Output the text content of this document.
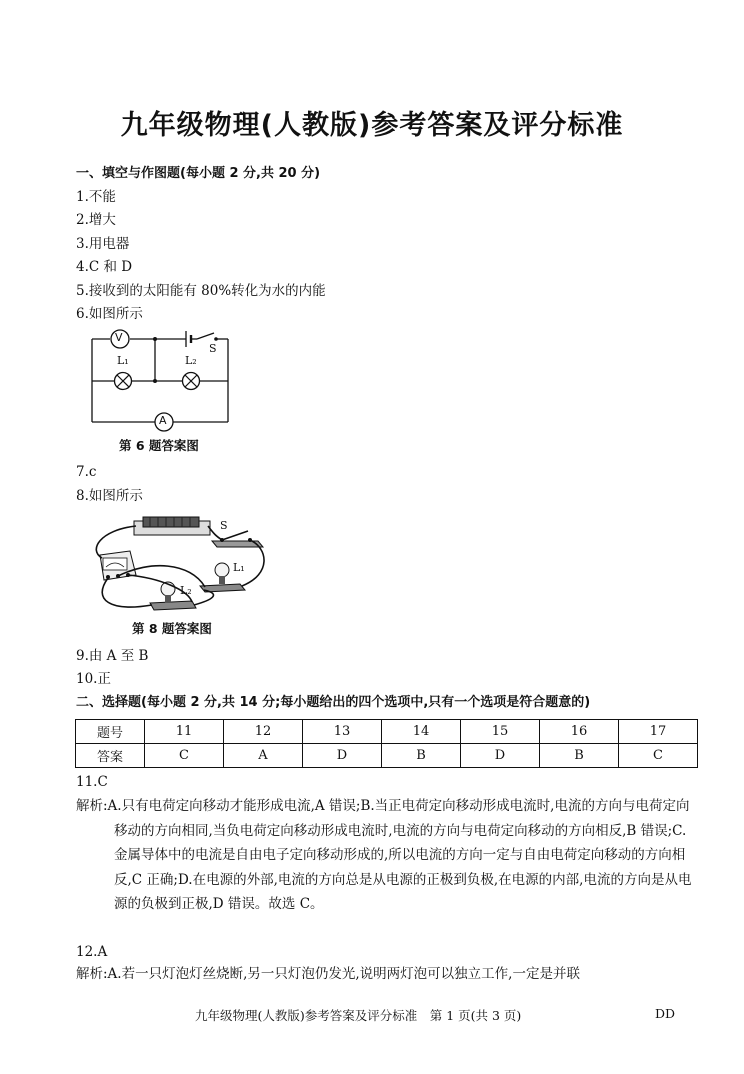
九年级物理(人教版)参考答案及评分标准
一、填空与作图题(每小题 2 分,共 20 分)
1.不能
2.增大
3.用电器
4.C 和 D
5.接收到的太阳能有 80%转化为水的内能
6.如图所示
V
A
L₁	L₂
S
第 6 题答案图
7.c
8.如图所示
S
L₁
L₂
第 8 题答案图
9.由 A 至 B
10.正
二、选择题(每小题 2 分,共 14 分;每小题给出的四个选项中,只有一个选项是符合题意的)
题号	11	12	13	14	15	16	17
答案	C	A	D	B	D	B	C
11.C
解析:A.只有电荷定向移动才能形成电流,A 错误;B.当正电荷定向移动形成电流时,电流的方向与电荷定向移动的方向相同,当负电荷定向移动形成电流时,电流的方向与电荷定向移动的方向相反,B 错误;C.金属导体中的电流是自由电子定向移动形成的,所以电流的方向一定与自由电荷定向移动的方向相反,C 正确;D.在电源的外部,电流的方向总是从电源的正极到负极,在电源的内部,电流的方向是从电源的负极到正极,D 错误。故选 C。
12.A
解析:A.若一只灯泡灯丝烧断,另一只灯泡仍发光,说明两灯泡可以独立工作,一定是并联
九年级物理(人教版)参考答案及评分标准　第 1 页(共 3 页)	DD
